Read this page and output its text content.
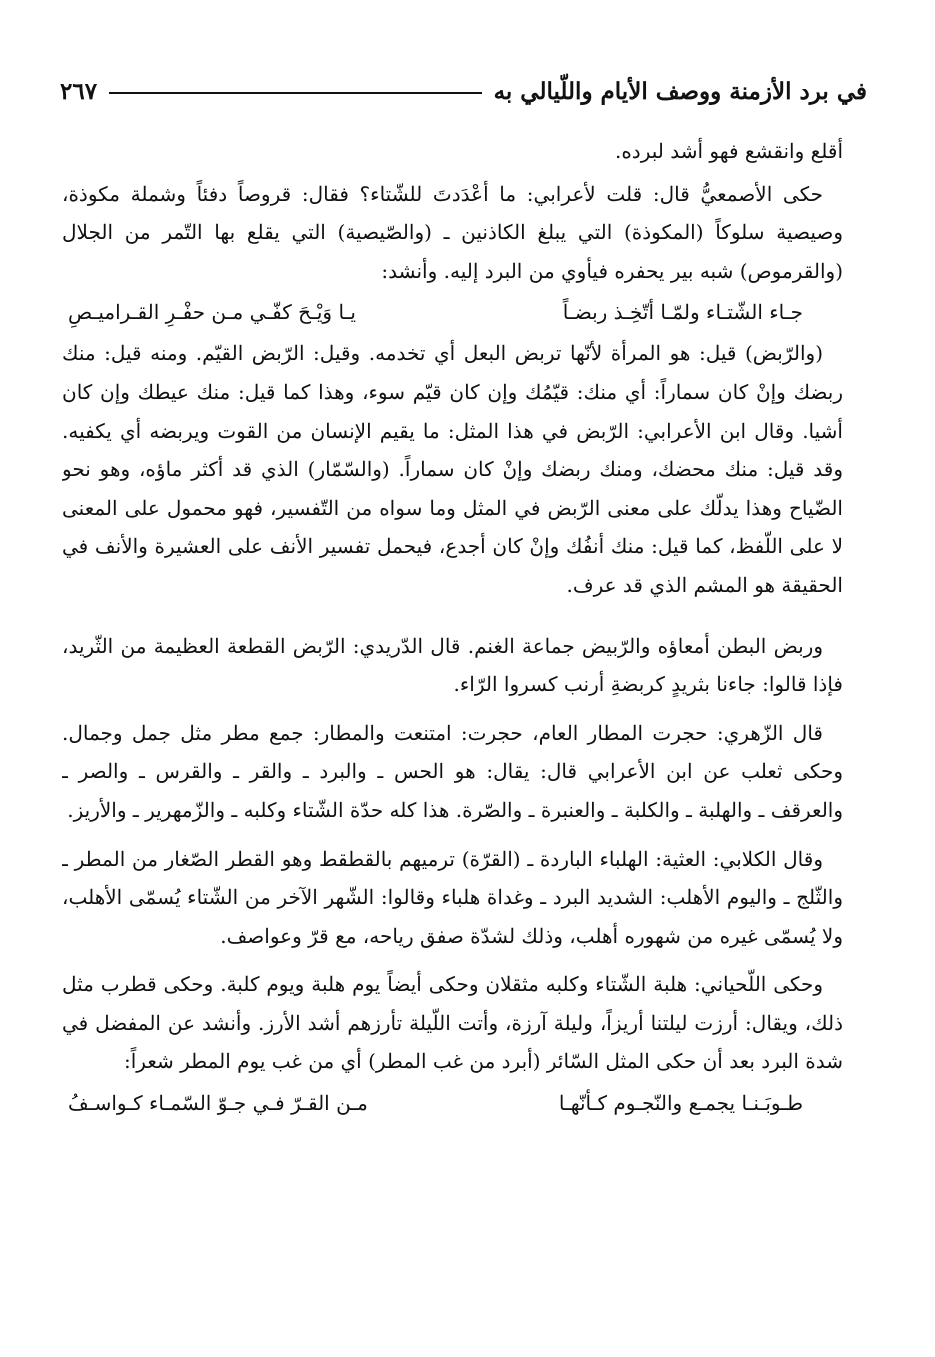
في برد الأزمنة ووصف الأيام واللّيالي به
٢٦٧

أقلع وانقشع فهو أشد لبرده.

حكى الأصمعيُّ قال: قلت لأعرابي: ما أعْدَدتَ للشّتاء؟ فقال: قروصاً دفئاً وشملة مكوذة، وصيصية سلوكاً (المكوذة) التي يبلغ الكاذنين ـ (والصّيصية) التي يقلع بها التّمر من الجلال (والقرموص) شبه بير يحفره فيأوي من البرد إليه. وأنشد:

جـاء الشّتـاء ولمّـا أتّخِـذ ربضـاً
يـا وَيْـحَ كفّـي مـن حفْـرِ القـراميـصِ

(والرّبض) قيل: هو المرأة لأنّها تربض البعل أي تخدمه. وقيل: الرّبض القيّم. ومنه قيل: منك ربضك وإنْ كان سماراً: أي منك: قيّمُك وإن كان قيّم سوء، وهذا كما قيل: منك عيطك وإن كان أشيا. وقال ابن الأعرابي: الرّبض في هذا المثل: ما يقيم الإنسان من القوت ويربضه أي يكفيه. وقد قيل: منك محضك، ومنك ربضك وإنْ كان سماراً. (والسّمّار) الذي قد أكثر ماؤه، وهو نحو الضّياح وهذا يدلّك على معنى الرّبض في المثل وما سواه من التّفسير، فهو محمول على المعنى لا على اللّفظ، كما قيل: منك أنفُك وإنْ كان أجدع، فيحمل تفسير الأنف على العشيرة والأنف في الحقيقة هو المشم الذي قد عرف.

وربض البطن أمعاؤه والرّبيض جماعة الغنم. قال الدّريدي: الرّبض القطعة العظيمة من الثّريد، فإذا قالوا: جاءنا بثريدٍ كربضةِ أرنب كسروا الرّاء.

قال الزّهري: حجرت المطار العام، حجرت: امتنعت والمطار: جمع مطر مثل جمل وجمال. وحكى ثعلب عن ابن الأعرابي قال: يقال: هو الحس ـ والبرد ـ والقر ـ والقرس ـ والصر ـ والعرقف ـ والهلبة ـ والكلبة ـ والعنبرة ـ والصّرة. هذا كله حدّة الشّتاء وكلبه ـ والزّمهرير ـ والأريز.

وقال الكلابي: العثية: الهلباء الباردة ـ (القرّة) ترميهم بالقطقط وهو القطر الصّغار من المطر ـ والثّلج ـ واليوم الأهلب: الشديد البرد ـ وغداة هلباء وقالوا: الشّهر الآخر من الشّتاء يُسمّى الأهلب، ولا يُسمّى غيره من شهوره أهلب، وذلك لشدّة صفق رياحه، مع قرّ وعواصف.

وحكى اللّحياني: هلبة الشّتاء وكلبه مثقلان وحكى أيضاً يوم هلبة ويوم كلبة. وحكى قطرب مثل ذلك، ويقال: أرزت ليلتنا أريزاً، وليلة آرزة، وأتت اللّيلة تأرزهم أشد الأرز. وأنشد عن المفضل في شدة البرد بعد أن حكى المثل السّائر (أبرد من غب المطر) أي من غب يوم المطر شعراً:

طـوبَـنـا يجمـع والنّجـوم كـأنّهـا
مـن القـرّ فـي جـوّ السّمـاء كـواسـفُ
